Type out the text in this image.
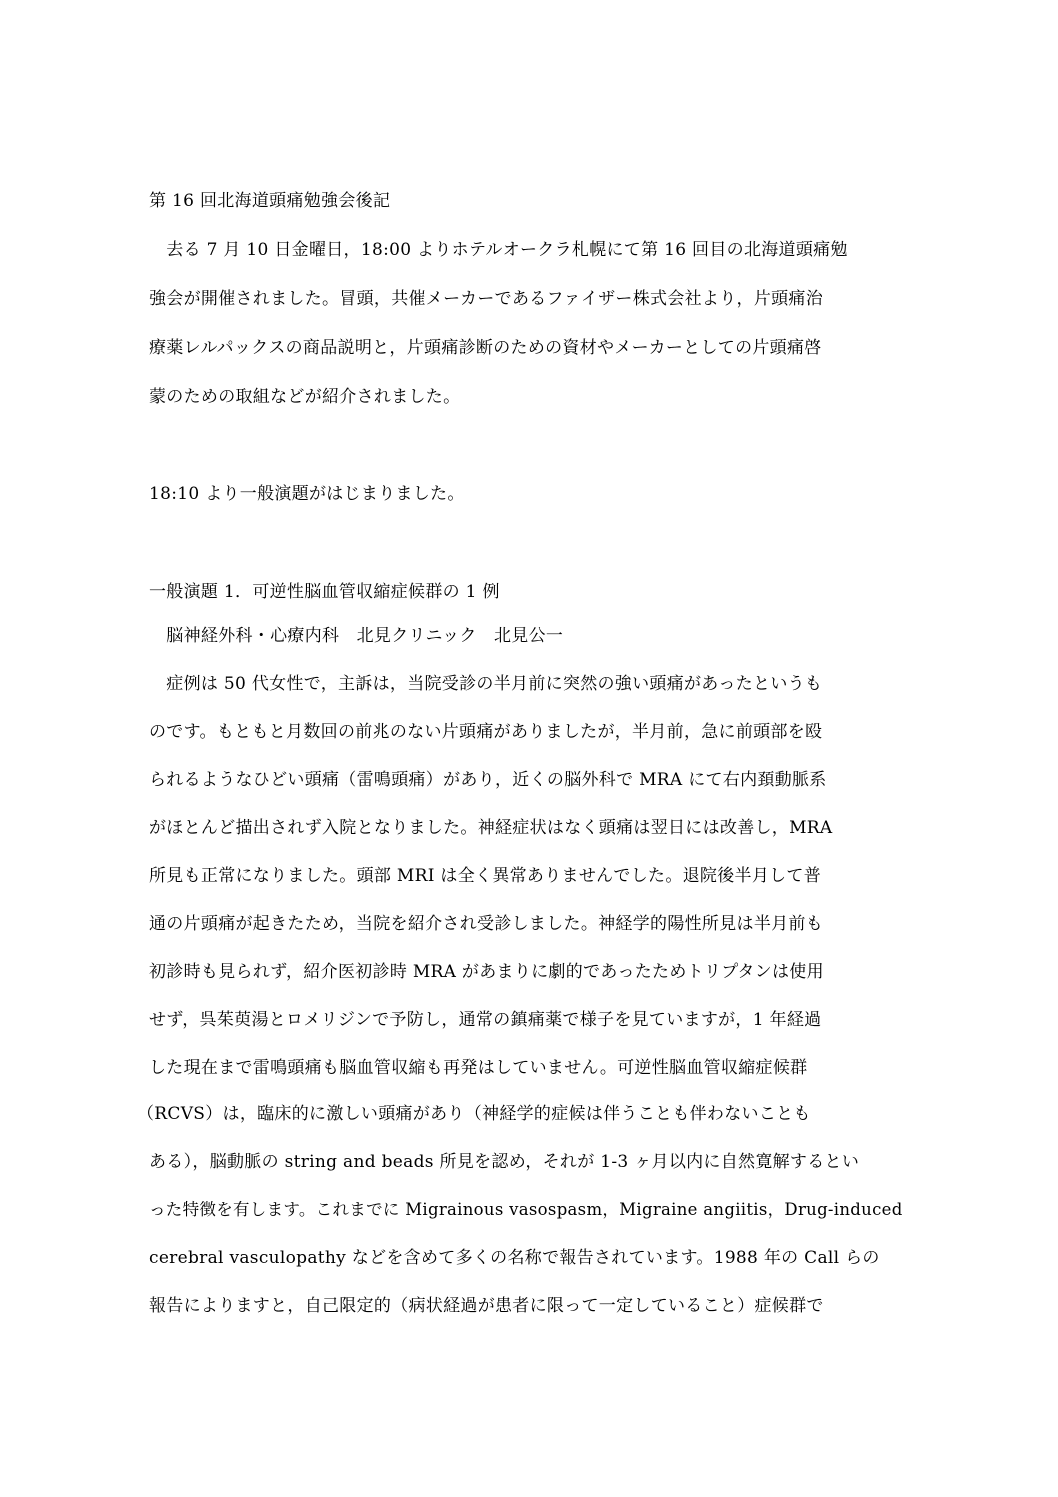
第 16 回北海道頭痛勉強会後記

　去る 7 月 10 日金曜日，18:00 よりホテルオークラ札幌にて第 16 回目の北海道頭痛勉

強会が開催されました。冒頭，共催メーカーであるファイザー株式会社より，片頭痛治

療薬レルパックスの商品説明と，片頭痛診断のための資材やメーカーとしての片頭痛啓

蒙のための取組などが紹介されました。

18:10 より一般演題がはじまりました。

一般演題 1．可逆性脳血管収縮症候群の 1 例

　脳神経外科・心療内科　北見クリニック　北見公一

　症例は 50 代女性で，主訴は，当院受診の半月前に突然の強い頭痛があったというも

のです。もともと月数回の前兆のない片頭痛がありましたが，半月前，急に前頭部を殴

られるようなひどい頭痛（雷鳴頭痛）があり，近くの脳外科で MRA にて右内頚動脈系

がほとんど描出されず入院となりました。神経症状はなく頭痛は翌日には改善し，MRA

所見も正常になりました。頭部 MRI は全く異常ありませんでした。退院後半月して普

通の片頭痛が起きたため，当院を紹介され受診しました。神経学的陽性所見は半月前も

初診時も見られず，紹介医初診時 MRA があまりに劇的であったためトリプタンは使用

せず，呉茱萸湯とロメリジンで予防し，通常の鎮痛薬で様子を見ていますが，1 年経過

した現在まで雷鳴頭痛も脳血管収縮も再発はしていません。可逆性脳血管収縮症候群

（RCVS）は，臨床的に激しい頭痛があり（神経学的症候は伴うことも伴わないことも

ある），脳動脈の string and beads 所見を認め，それが 1-3 ヶ月以内に自然寛解するとい

った特徴を有します。これまでに Migrainous vasospasm，Migraine angiitis，Drug-induced

cerebral vasculopathy などを含めて多くの名称で報告されています。1988 年の Call らの

報告によりますと，自己限定的（病状経過が患者に限って一定していること）症候群で
